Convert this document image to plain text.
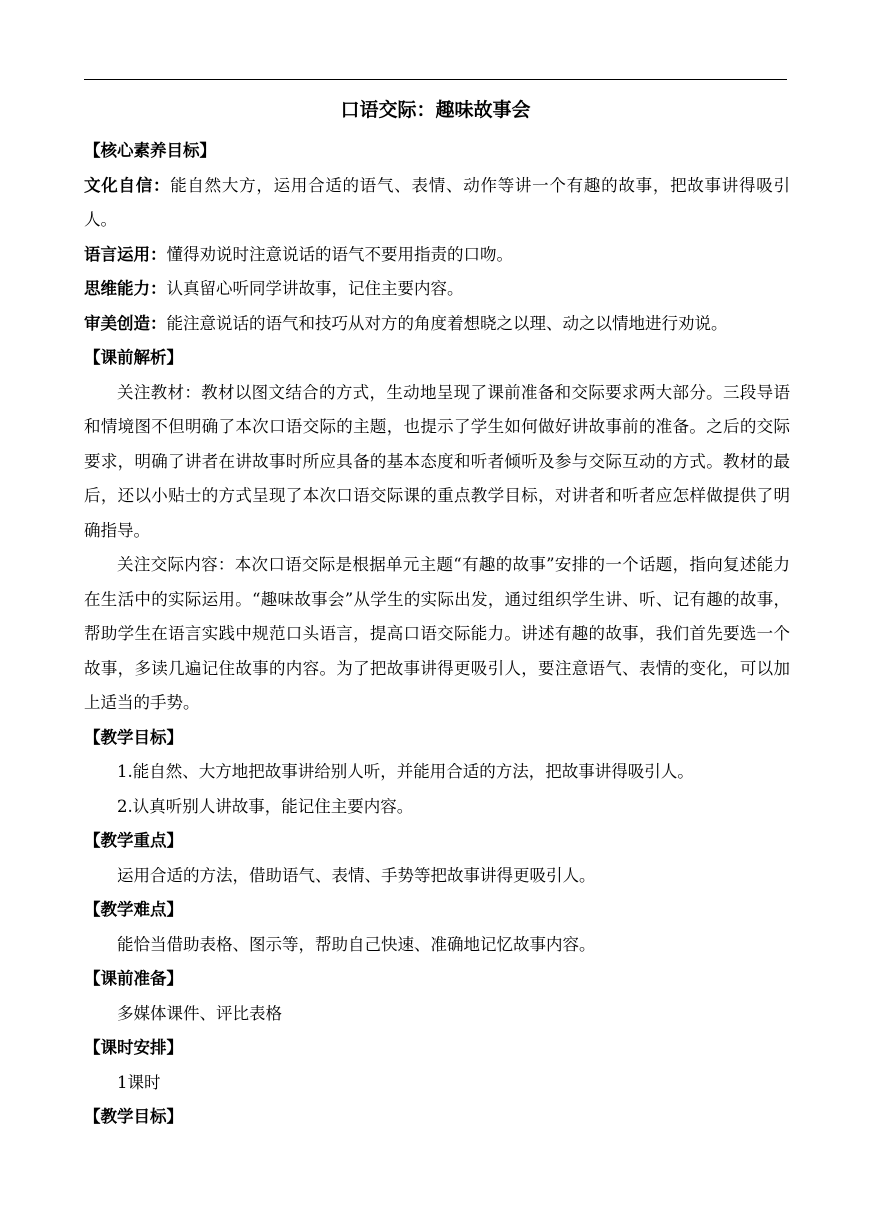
口语交际：趣味故事会

【核心素养目标】

文化自信：能自然大方，运用合适的语气、表情、动作等讲一个有趣的故事，把故事讲得吸引人。

语言运用：懂得劝说时注意说话的语气不要用指责的口吻。

思维能力：认真留心听同学讲故事，记住主要内容。

审美创造：能注意说话的语气和技巧从对方的角度着想晓之以理、动之以情地进行劝说。

【课前解析】

关注教材：教材以图文结合的方式，生动地呈现了课前准备和交际要求两大部分。三段导语和情境图不但明确了本次口语交际的主题，也提示了学生如何做好讲故事前的准备。之后的交际要求，明确了讲者在讲故事时所应具备的基本态度和听者倾听及参与交际互动的方式。教材的最后，还以小贴士的方式呈现了本次口语交际课的重点教学目标，对讲者和听者应怎样做提供了明确指导。

关注交际内容：本次口语交际是根据单元主题“有趣的故事”安排的一个话题，指向复述能力在生活中的实际运用。“趣味故事会”从学生的实际出发，通过组织学生讲、听、记有趣的故事，帮助学生在语言实践中规范口头语言，提高口语交际能力。讲述有趣的故事，我们首先要选一个故事，多读几遍记住故事的内容。为了把故事讲得更吸引人，要注意语气、表情的变化，可以加上适当的手势。

【教学目标】

1.能自然、大方地把故事讲给别人听，并能用合适的方法，把故事讲得吸引人。

2.认真听别人讲故事，能记住主要内容。

【教学重点】

运用合适的方法，借助语气、表情、手势等把故事讲得更吸引人。

【教学难点】

能恰当借助表格、图示等，帮助自己快速、准确地记忆故事内容。

【课前准备】

多媒体课件、评比表格

【课时安排】

1课时

【教学目标】
